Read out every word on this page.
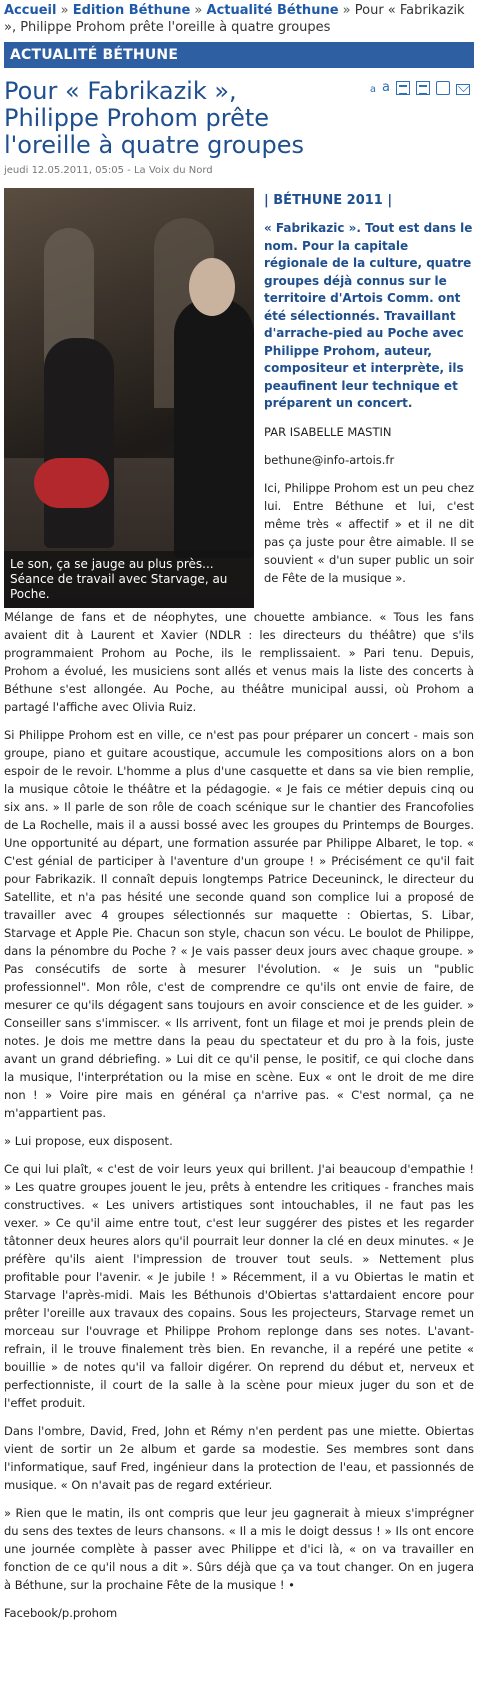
Accueil » Edition Béthune » Actualité Béthune » Pour « Fabrikazik », Philippe Prohom prête l'oreille à quatre groupes
ACTUALITÉ BÉTHUNE
Pour « Fabrikazik », Philippe Prohom prête l'oreille à quatre groupes
a a
jeudi 12.05.2011, 05:05 - La Voix du Nord
Le son, ça se jauge au plus près... Séance de travail avec Starvage, au Poche.
| BÉTHUNE 2011 |
« Fabrikazic ». Tout est dans le nom. Pour la capitale régionale de la culture, quatre groupes déjà connus sur le territoire d'Artois Comm. ont été sélectionnés. Travaillant d'arrache-pied au Poche avec Philippe Prohom, auteur, compositeur et interprète, ils peaufinent leur technique et préparent un concert.

PAR ISABELLE MASTIN

bethune@info-artois.fr

Ici, Philippe Prohom est un peu chez lui. Entre Béthune et lui, c'est même très « affectif » et il ne dit pas ça juste pour être aimable. Il se souvient « d'un super public un soir de Fête de la musique ».

Mélange de fans et de néophytes, une chouette ambiance. « Tous les fans avaient dit à Laurent et Xavier (NDLR : les directeurs du théâtre) que s'ils programmaient Prohom au Poche, ils le remplissaient. » Pari tenu. Depuis, Prohom a évolué, les musiciens sont allés et venus mais la liste des concerts à Béthune s'est allongée. Au Poche, au théâtre municipal aussi, où Prohom a partagé l'affiche avec Olivia Ruiz.

Si Philippe Prohom est en ville, ce n'est pas pour préparer un concert - mais son groupe, piano et guitare acoustique, accumule les compositions alors on a bon espoir de le revoir. L'homme a plus d'une casquette et dans sa vie bien remplie, la musique côtoie le théâtre et la pédagogie. « Je fais ce métier depuis cinq ou six ans. » Il parle de son rôle de coach scénique sur le chantier des Francofolies de La Rochelle, mais il a aussi bossé avec les groupes du Printemps de Bourges. Une opportunité au départ, une formation assurée par Philippe Albaret, le top. « C'est génial de participer à l'aventure d'un groupe ! » Précisément ce qu'il fait pour Fabrikazik. Il connaît depuis longtemps Patrice Deceuninck, le directeur du Satellite, et n'a pas hésité une seconde quand son complice lui a proposé de travailler avec 4 groupes sélectionnés sur maquette : Obiertas, S. Libar, Starvage et Apple Pie. Chacun son style, chacun son vécu. Le boulot de Philippe, dans la pénombre du Poche ? « Je vais passer deux jours avec chaque groupe. » Pas consécutifs de sorte à mesurer l'évolution. « Je suis un "public professionnel". Mon rôle, c'est de comprendre ce qu'ils ont envie de faire, de mesurer ce qu'ils dégagent sans toujours en avoir conscience et de les guider. » Conseiller sans s'immiscer. « Ils arrivent, font un filage et moi je prends plein de notes. Je dois me mettre dans la peau du spectateur et du pro à la fois, juste avant un grand débriefing. » Lui dit ce qu'il pense, le positif, ce qui cloche dans la musique, l'interprétation ou la mise en scène. Eux « ont le droit de me dire non ! » Voire pire mais en général ça n'arrive pas. « C'est normal, ça ne m'appartient pas.

» Lui propose, eux disposent.

Ce qui lui plaît, « c'est de voir leurs yeux qui brillent. J'ai beaucoup d'empathie ! » Les quatre groupes jouent le jeu, prêts à entendre les critiques - franches mais constructives. « Les univers artistiques sont intouchables, il ne faut pas les vexer. » Ce qu'il aime entre tout, c'est leur suggérer des pistes et les regarder tâtonner deux heures alors qu'il pourrait leur donner la clé en deux minutes. « Je préfère qu'ils aient l'impression de trouver tout seuls. » Nettement plus profitable pour l'avenir. « Je jubile ! » Récemment, il a vu Obiertas le matin et Starvage l'après-midi. Mais les Béthunois d'Obiertas s'attardaient encore pour prêter l'oreille aux travaux des copains. Sous les projecteurs, Starvage remet un morceau sur l'ouvrage et Philippe Prohom replonge dans ses notes. L'avant-refrain, il le trouve finalement très bien. En revanche, il a repéré une petite « bouillie » de notes qu'il va falloir digérer. On reprend du début et, nerveux et perfectionniste, il court de la salle à la scène pour mieux juger du son et de l'effet produit.

Dans l'ombre, David, Fred, John et Rémy n'en perdent pas une miette. Obiertas vient de sortir un 2e album et garde sa modestie. Ses membres sont dans l'informatique, sauf Fred, ingénieur dans la protection de l'eau, et passionnés de musique. « On n'avait pas de regard extérieur.

» Rien que le matin, ils ont compris que leur jeu gagnerait à mieux s'imprégner du sens des textes de leurs chansons. « Il a mis le doigt dessus ! » Ils ont encore une journée complète à passer avec Philippe et d'ici là, « on va travailler en fonction de ce qu'il nous a dit ». Sûrs déjà que ça va tout changer. On en jugera à Béthune, sur la prochaine Fête de la musique ! •

Facebook/p.prohom
